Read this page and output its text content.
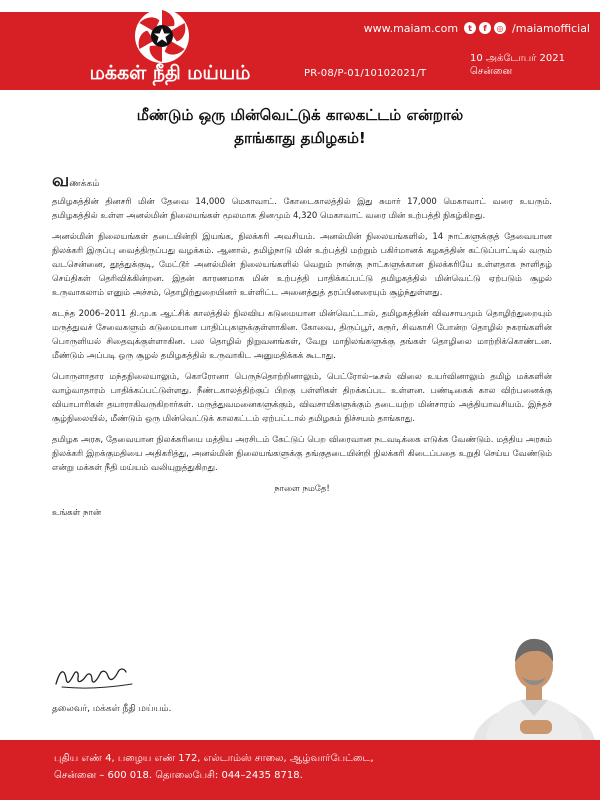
மக்கள் நீதி மய்யம்
www.maiam.com	t	f	◎ /maiamofficial
PR-08/P-01/10102021/T
10 அக்டோபர் 2021
சென்னை
மீண்டும் ஒரு மின்வெட்டுக் காலகட்டம் என்றால்
தாங்காது தமிழகம்!
வணக்கம்

தமிழகத்தின் தினசரி மின் தேவை 14,000 மெகாவாட். கோடைகாலத்தில் இது சுமார் 17,000 மெகாவாட் வரை உயரும். தமிழகத்தில் உள்ள அனல்மின் நிலையங்கள் மூலமாக தினமும் 4,320 மெகாவாட் வரை மின் உற்பத்தி நிகழ்கிறது.

அனல்மின் நிலையங்கள் தடையின்றி இயங்க, நிலக்கரி அவசியம். அனல்மின் நிலையங்களில், 14 நாட்களுக்குத் தேவையான நிலக்கரி இருப்பு வைத்திருப்பது வழக்கம். ஆனால், தமிழ்நாடு மின் உற்பத்தி மற்றும் பகிர்மானக் கழகத்தின் கட்டுப்பாட்டில் வரும் வடசென்னை, தூத்துக்குடி, மேட்டூர் அனல்மின் நிலையங்களில் வெறும் நான்கு நாட்களுக்கான நிலக்கரியே உள்ளதாக நாளிதழ் செய்திகள் தெரிவிக்கின்றன. இதன் காரணமாக மின் உற்பத்தி பாதிக்கப்பட்டு தமிழகத்தில் மின்வெட்டு ஏற்படும் சூழல் உருவாகலாம் எனும் அச்சம், தொழிற்துறையினர் உள்ளிட்ட அனைத்துத் தரப்பினரையும் சூழ்ந்துள்ளது.

கடந்த 2006–2011 தி.மு.க ஆட்சிக் காலத்தில் நிலவிய கடுமையான மின்வெட்டால், தமிழகத்தின் விவசாயமும் தொழிற்துறையும் மருத்துவச் சேவைகளும் கடுமையான பாதிப்புகளுக்குள்ளாகின. கோவை, திருப்பூர், கரூர், சிவகாசி போன்ற தொழில் நகரங்களின் பொருளியல் சிதைவுக்குள்ளாகின. பல தொழில் நிறுவனங்கள், வேறு மாநிலங்களுக்கு தங்கள் தொழிலை மாற்றிக்கொண்டன. மீண்டும் அப்படி ஒரு சூழல் தமிழகத்தில் உருவாகிட அனுமதிக்கக் கூடாது.

பொருளாதார மந்தநிலையாலும், கொரோனா பெருந்தொற்றினாலும், பெட்ரோல்–டீசல் விலை உயர்வினாலும் தமிழ் மக்களின் வாழ்வாதாரம் பாதிக்கப்பட்டுள்ளது. நீண்டகாலத்திற்குப் பிறகு பள்ளிகள் திறக்கப்பட உள்ளன. பண்டிகைக் கால விற்பனைக்கு வியாபாரிகள் தயாராகிவருகிறார்கள். மருத்துவமனைகளுக்கும், விவசாயிகளுக்கும் தடையற்ற மின்சாரம் அத்தியாவசியம். இந்தச் சூழ்நிலையில், மீண்டும் ஒரு மின்வெட்டுக் காலகட்டம் ஏற்பட்டால் தமிழகம் நிச்சயம் தாங்காது.

தமிழக அரசு, தேவையான நிலக்கரியை மத்திய அரசிடம் கேட்டுப் பெற விரைவான நடவடிக்கை எடுக்க வேண்டும். மத்திய அரசும் நிலக்கரி இறக்குமதியை அதிகரித்து, அனல்மின் நிலையங்களுக்கு தங்குதடையின்றி நிலக்கரி கிடைப்பதை உறுதி செய்ய வேண்டும் என்று மக்கள் நீதி மய்யம் வலியுறுத்துகிறது.

நாளை நமதே!
உங்கள் நான்
தலைவர், மக்கள் நீதி மய்யம்.
புதிய எண் 4, பழைய எண் 172, எல்டாம்ஸ் சாலை, ஆழ்வார்பேட்டை,
சென்னை – 600 018. தொலைபேசி: 044–2435 8718.
